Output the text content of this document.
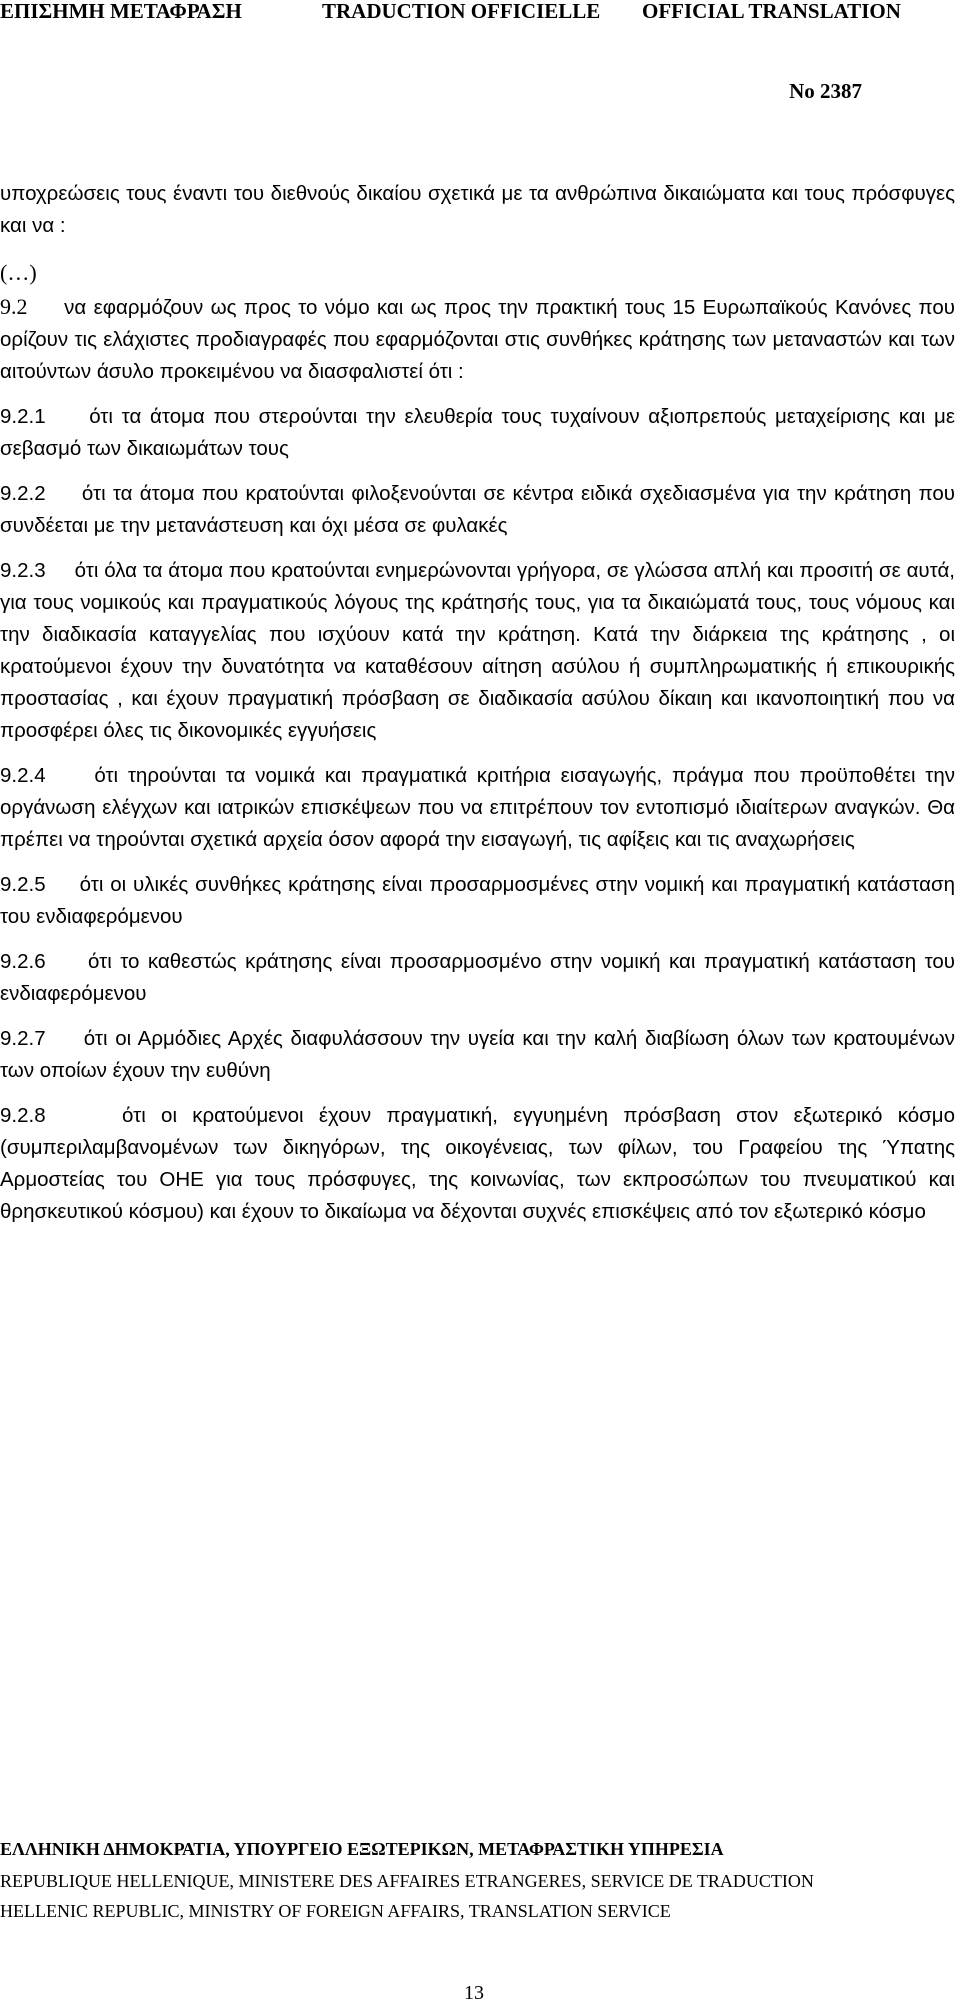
ΕΠΙΣΗΜΗ ΜΕΤΑΦΡΑΣΗ	TRADUCTION OFFICIELLE OFFICIAL TRANSLATION
No 2387

υποχρεώσεις τους έναντι του διεθνούς δικαίου σχετικά με τα ανθρώπινα δικαιώματα και τους πρόσφυγες και να :

(…)

9.2 να εφαρμόζουν ως προς το νόμο και ως προς την πρακτική τους 15 Ευρωπαϊκούς Κανόνες που ορίζουν τις ελάχιστες προδιαγραφές που εφαρμόζονται στις συνθήκες κράτησης των μεταναστών και των αιτούντων άσυλο προκειμένου να διασφαλιστεί ότι :

9.2.1 ότι τα άτομα που στερούνται την ελευθερία τους τυχαίνουν αξιοπρεπούς μεταχείρισης και με σεβασμό των δικαιωμάτων τους

9.2.2 ότι τα άτομα που κρατούνται φιλοξενούνται σε κέντρα ειδικά σχεδιασμένα για την κράτηση που συνδέεται με την μετανάστευση και όχι μέσα σε φυλακές

9.2.3 ότι όλα τα άτομα που κρατούνται ενημερώνονται γρήγορα, σε γλώσσα απλή και προσιτή σε αυτά, για τους νομικούς και πραγματικούς λόγους της κράτησής τους, για τα δικαιώματά τους, τους νόμους και την διαδικασία καταγγελίας που ισχύουν κατά την κράτηση. Κατά την διάρκεια της κράτησης , οι κρατούμενοι έχουν την δυνατότητα να καταθέσουν αίτηση ασύλου ή συμπληρωματικής ή επικουρικής προστασίας , και έχουν πραγματική πρόσβαση σε διαδικασία ασύλου δίκαιη και ικανοποιητική που να προσφέρει όλες τις δικονομικές εγγυήσεις

9.2.4 ότι τηρούνται τα νομικά και πραγματικά κριτήρια εισαγωγής, πράγμα που προϋποθέτει την οργάνωση ελέγχων και ιατρικών επισκέψεων που να επιτρέπουν τον εντοπισμό ιδιαίτερων αναγκών. Θα πρέπει να τηρούνται σχετικά αρχεία όσον αφορά την εισαγωγή, τις αφίξεις και τις αναχωρήσεις

9.2.5 ότι οι υλικές συνθήκες κράτησης είναι προσαρμοσμένες στην νομική και πραγματική κατάσταση του ενδιαφερόμενου

9.2.6 ότι το καθεστώς κράτησης είναι προσαρμοσμένο στην νομική και πραγματική κατάσταση του ενδιαφερόμενου

9.2.7 ότι οι Αρμόδιες Αρχές διαφυλάσσουν την υγεία και την καλή διαβίωση όλων των κρατουμένων των οποίων έχουν την ευθύνη

9.2.8	ότι οι κρατούμενοι έχουν πραγματική, εγγυημένη πρόσβαση στον εξωτερικό κόσμο (συμπεριλαμβανομένων των δικηγόρων, της οικογένειας, των φίλων, του Γραφείου της Ύπατης Αρμοστείας του ΟΗΕ για τους πρόσφυγες, της κοινωνίας, των εκπροσώπων του πνευματικού και θρησκευτικού κόσμου) και έχουν το δικαίωμα να δέχονται συχνές επισκέψεις από τον εξωτερικό κόσμο

ΕΛΛΗΝΙΚΗ ΔΗΜΟΚΡΑΤΙΑ, ΥΠΟΥΡΓΕΙΟ ΕΞΩΤΕΡΙΚΩΝ, ΜΕΤΑΦΡΑΣΤΙΚΗ ΥΠΗΡΕΣΙΑ
REPUBLIQUE HELLENIQUE, MINISTERE DES AFFAIRES ETRANGERES, SERVICE DE TRADUCTION
HELLENIC REPUBLIC, MINISTRY OF FOREIGN AFFAIRS, TRANSLATION SERVICE
13
